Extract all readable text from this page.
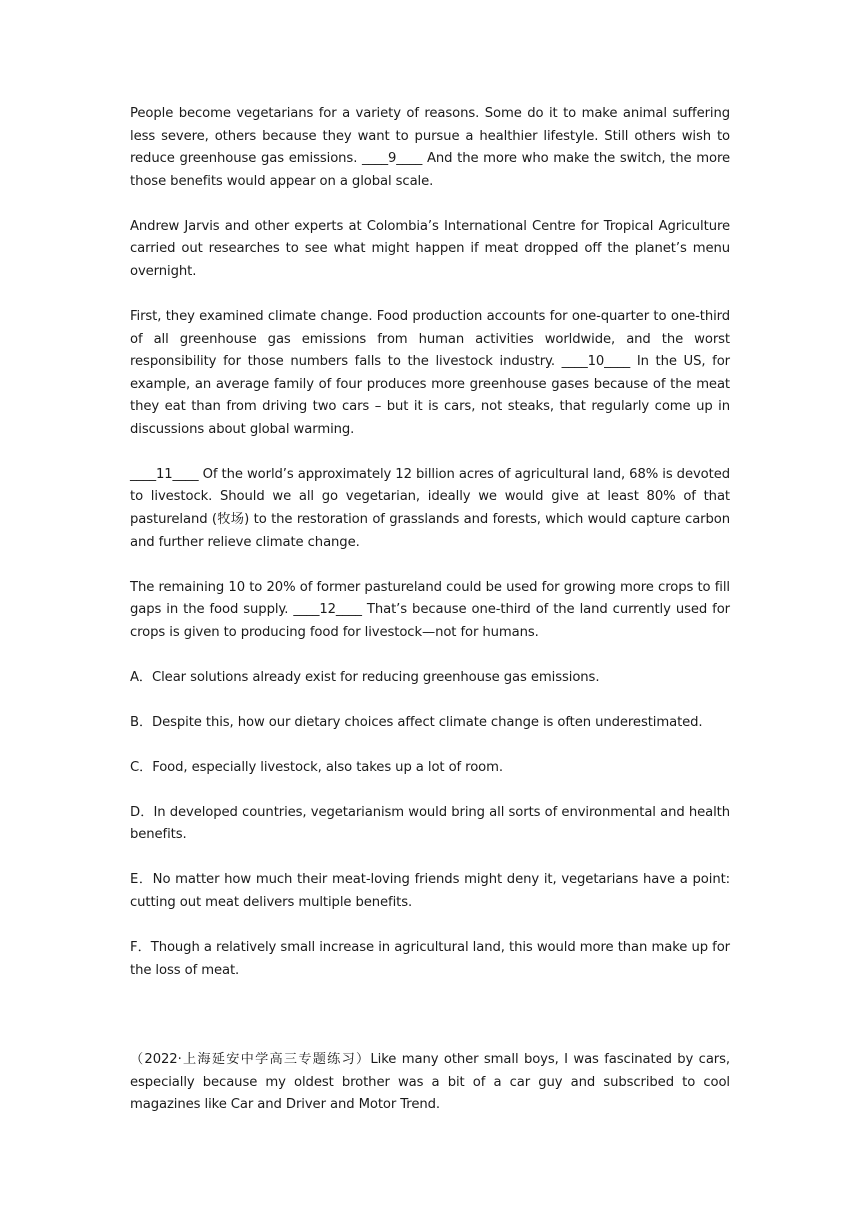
People become vegetarians for a variety of reasons. Some do it to make animal suffering less severe, others because they want to pursue a healthier lifestyle. Still others wish to reduce greenhouse gas emissions. ____9____ And the more who make the switch, the more those benefits would appear on a global scale.

Andrew Jarvis and other experts at Colombia’s International Centre for Tropical Agriculture carried out researches to see what might happen if meat dropped off the planet’s menu overnight.

First, they examined climate change. Food production accounts for one-quarter to one-third of all greenhouse gas emissions from human activities worldwide, and the worst responsibility for those numbers falls to the livestock industry. ____10____ In the US, for example, an average family of four produces more greenhouse gases because of the meat they eat than from driving two cars – but it is cars, not steaks, that regularly come up in discussions about global warming.

____11____ Of the world’s approximately 12 billion acres of agricultural land, 68% is devoted to livestock. Should we all go vegetarian, ideally we would give at least 80% of that pastureland (牧场) to the restoration of grasslands and forests, which would capture carbon and further relieve climate change.

The remaining 10 to 20% of former pastureland could be used for growing more crops to fill gaps in the food supply. ____12____ That’s because one-third of the land currently used for crops is given to producing food for livestock—not for humans.

A．Clear solutions already exist for reducing greenhouse gas emissions.

B．Despite this, how our dietary choices affect climate change is often underestimated.

C．Food, especially livestock, also takes up a lot of room.

D．In developed countries, vegetarianism would bring all sorts of environmental and health benefits.

E．No matter how much their meat-loving friends might deny it, vegetarians have a point: cutting out meat delivers multiple benefits.

F．Though a relatively small increase in agricultural land, this would more than make up for the loss of meat.

（2022·上海延安中学高三专题练习）Like many other small boys, I was fascinated by cars, especially because my oldest brother was a bit of a car guy and subscribed to cool magazines like Car and Driver and Motor Trend.
